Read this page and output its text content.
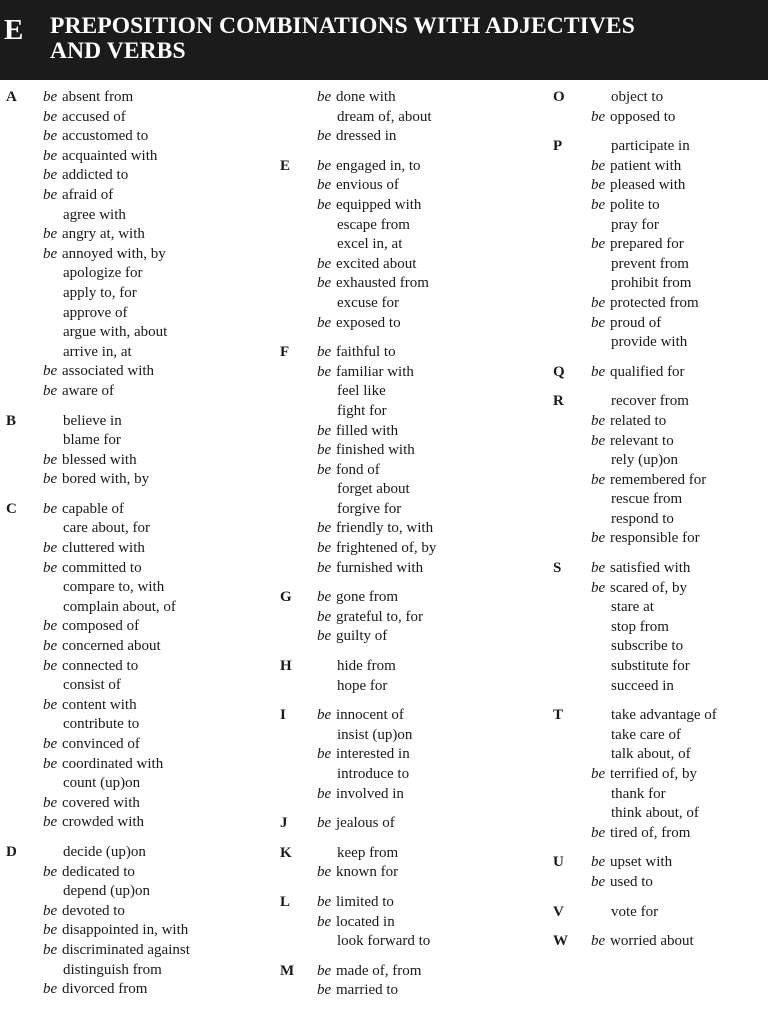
E PREPOSITION COMBINATIONS WITH ADJECTIVES
AND VERBS
A be absent from
be accused of
be accustomed to
be acquainted with
be addicted to
be afraid of
agree with
be angry at, with
be annoyed with, by
apologize for
apply to, for
approve of
argue with, about
arrive in, at
be associated with
be aware of
B	believe in
blame for
be blessed with
be bored with, by
C be capable of
care about, for
be cluttered with
be committed to
compare to, with
complain about, of
be composed of
be concerned about
be connected to
consist of
be content with
contribute to
be convinced of
be coordinated with
count (up)on
be covered with
be crowded with
D	decide (up)on
be dedicated to
depend (up)on
be devoted to
be disappointed in, with
be discriminated against
distinguish from
be divorced from
be done with
dream of, about
be dressed in
E be engaged in, to
be envious of
be equipped with
escape from
excel in, at
be excited about
be exhausted from
excuse for
be exposed to
F be faithful to
be familiar with
feel like
fight for
be filled with
be finished with
be fond of
forget about
forgive for
be friendly to, with
be frightened of, by
be furnished with
G be gone from
be grateful to, for
be guilty of
H	hide from
hope for
I be innocent of
insist (up)on
be interested in
introduce to
be involved in
J be jealous of
K	keep from
be known for
L be limited to
be located in
look forward to
M be made of, from
be married to
O	object to
be opposed to
P	participate in
be patient with
be pleased with
be polite to
pray for
be prepared for
prevent from
prohibit from
be protected from
be proud of
provide with
Q be qualified for
R	recover from
be related to
be relevant to
rely (up)on
be remembered for
rescue from
respond to
be responsible for
S be satisfied with
be scared of, by
stare at
stop from
subscribe to
substitute for
succeed in
T	take advantage of
take care of
talk about, of
be terrified of, by
thank for
think about, of
be tired of, from
U be upset with
be used to
V	vote for
W be worried about
